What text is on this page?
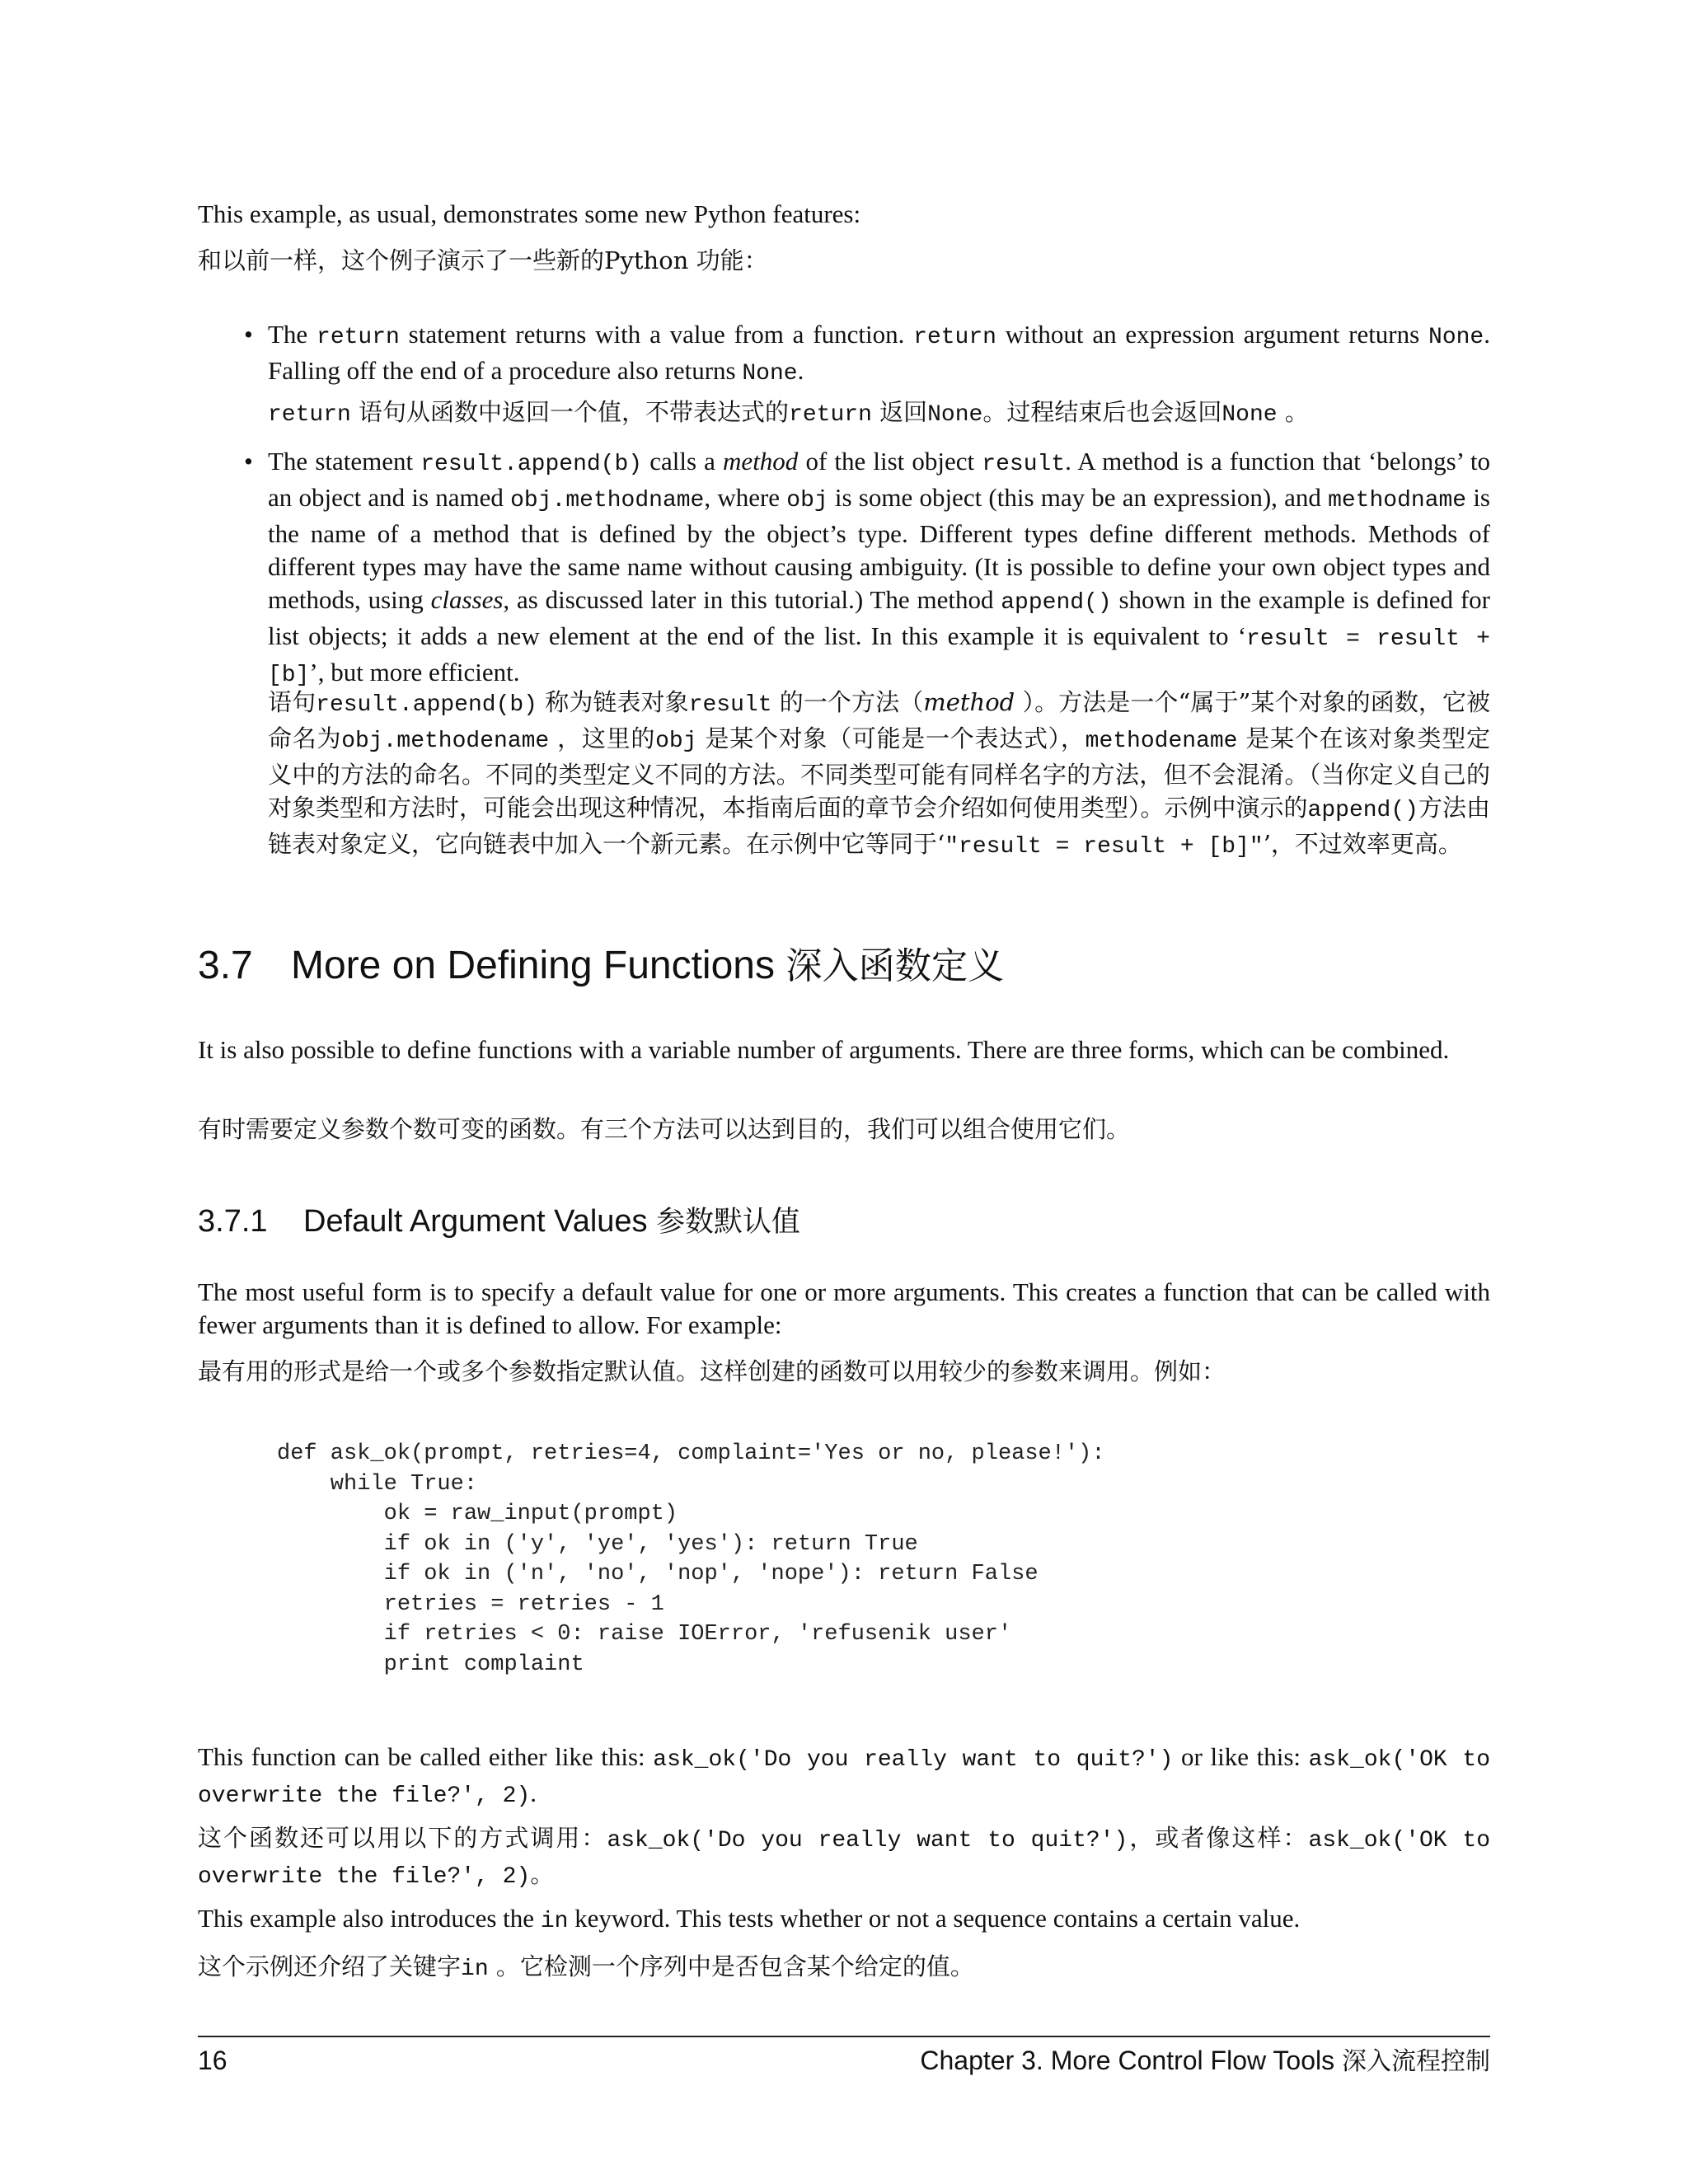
This example, as usual, demonstrates some new Python features:

和以前一样，这个例子演示了一些新的Python 功能：

• The return statement returns with a value from a function. return without an expression argument returns None. Falling off the end of a procedure also returns None.

return 语句从函数中返回一个值，不带表达式的return 返回None。过程结束后也会返回None 。

• The statement result.append(b) calls a method of the list object result. A method is a function that ‘belongs’ to an object and is named obj.methodname, where obj is some object (this may be an expression), and methodname is the name of a method that is defined by the object’s type. Different types define different methods. Methods of different types may have the same name without causing ambiguity. (It is possible to define your own object types and methods, using classes, as discussed later in this tutorial.) The method append() shown in the example is defined for list objects; it adds a new element at the end of the list. In this example it is equivalent to ‘result = result + [b]’, but more efficient.

语句result.append(b) 称为链表对象result 的一个方法（method ）。方法是一个“属于”某个对象的函数，它被命名为obj.methodename ，这里的obj 是某个对象（可能是一个表达式），methodename 是某个在该对象类型定义中的方法的命名。不同的类型定义不同的方法。不同类型可能有同样名字的方法，但不会混淆。（当你定义自己的对象类型和方法时，可能会出现这种情况，本指南后面的章节会介绍如何使用类型）。示例中演示的append()方法由链表对象定义，它向链表中加入一个新元素。在示例中它等同于‘"result = result + [b]"’，不过效率更高。

3.7 More on Defining Functions 深入函数定义

It is also possible to define functions with a variable number of arguments. There are three forms, which can be combined.

有时需要定义参数个数可变的函数。有三个方法可以达到目的，我们可以组合使用它们。

3.7.1 Default Argument Values 参数默认值

The most useful form is to specify a default value for one or more arguments. This creates a function that can be called with fewer arguments than it is defined to allow. For example:

最有用的形式是给一个或多个参数指定默认值。这样创建的函数可以用较少的参数来调用。例如：

def ask_ok(prompt, retries=4, complaint='Yes or no, please!'):
while True:
ok = raw_input(prompt)
if ok in ('y', 'ye', 'yes'): return True
if ok in ('n', 'no', 'nop', 'nope'): return False
retries = retries - 1
if retries < 0: raise IOError, 'refusenik user'
print complaint

This function can be called either like this: ask_ok('Do you really want to quit?') or like this: ask_ok('OK to overwrite the file?', 2).

这个函数还可以用以下的方式调用：ask_ok('Do you really want to quit?')，或者像这样：ask_ok('OK to overwrite the file?', 2)。

This example also introduces the in keyword. This tests whether or not a sequence contains a certain value.

这个示例还介绍了关键字in 。它检测一个序列中是否包含某个给定的值。

16	Chapter 3. More Control Flow Tools 深入流程控制
